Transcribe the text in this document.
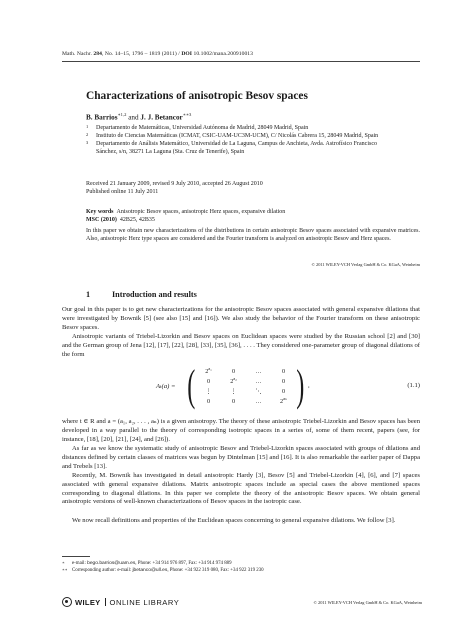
Math. Nachr. 284, No. 14–15, 1796 – 1819 (2011) / DOI 10.1002/mana.200910013
Characterizations of anisotropic Besov spaces
B. Barrios$^{∗1,2}$ and J. J. Betancor$^{∗∗3}$
1 Departamento de Matemáticas, Universidad Autónoma de Madrid, 28049 Madrid, Spain
2 Instituto de Ciencias Matemáticas (ICMAT, CSIC-UAM-UC3M-UCM), C/ Nicolás Cabrera 15, 28049 Madrid, Spain
3 Departamento de Análisis Matemático, Universidad de La Laguna, Campus de Anchieta, Avda. Astrofísico Francisco Sánchez, s/n, 38271 La Laguna (Sta. Cruz de Tenerife), Spain
Received 21 January 2009, revised 9 July 2010, accepted 26 August 2010
Published online 11 July 2011
Key words Anisotropic Besov spaces, anisotropic Herz spaces, expansive dilation
MSC (2010) 42B25, 42B35
In this paper we obtain new characterizations of the distributions in certain anisotropic Besov spaces associated with expansive matrices. Also, anisotropic Herz type spaces are considered and the Fourier transform is analyzed on anisotropic Besov and Herz spaces.
© 2011 WILEY-VCH Verlag GmbH & Co. KGaA, Weinheim
1	Introduction and results
Our goal in this paper is to get new characterizations for the anisotropic Besov spaces associated with general expansive dilations that were investigated by Bownik [5] (see also [15] and [16]). We also study the behavior of the Fourier transform on these anisotropic Besov spaces.
Anisotropic variants of Triebel-Lizorkin and Besov spaces on Euclidean spaces were studied by the Russian school [2] and [30] and the German group of Jena [12], [17], [22], [28], [33], [35], [36], . . . . They considered one-parameter group of diagonal dilations of the form
Aₜ(a) = ( $2^{a_1}$	0	…	0
0	$2^{a_2}$	…	0
⋮	⋮	⋱	0
0	0	…	$2^{a_n}$ ) ,	(1.1)
where t ∈ R and a = (a₁, a₂, . . . , aₙ) is a given anisotropy. The theory of these anisotropic Triebel-Lizorkin and Besov spaces has been developed in a way parallel to the theory of corresponding isotropic spaces in a series of, some of them recent, papers (see, for instance, [18], [20], [21], [24], and [26]).
As far as we know the systematic study of anisotropic Besov and Triebel-Lizorkin spaces associated with groups of dilations and distances defined by certain classes of matrices was begun by Dintelman [15] and [16]. It is also remarkable the earlier paper of Dappa and Trebels [13].
Recently, M. Bownik has investigated in detail anisotropic Hardy [3], Besov [5] and Triebel-Lizorkin [4], [6], and [7] spaces associated with general expansive dilations. Matrix anisotropic spaces include as special cases the above mentioned spaces corresponding to diagonal dilations. In this paper we complete the theory of the anisotropic Besov spaces. We obtain general anisotropic versions of well-known characterizations of Besov spaces in the isotropic case.
We now recall definitions and properties of the Euclidean spaces concerning to general expansive dilations. We follow [3].
∗ e-mail: bego.barrios@uam.es, Phone: +34 914 976 897, Fax: +34 914 974 889
∗∗ Corresponding author: e-mail: jbetanco@ull.es, Phone: +34 922 319 080, Fax: +34 922 319 230
WILEY ONLINE LIBRARY	© 2011 WILEY-VCH Verlag GmbH & Co. KGaA, Weinheim
